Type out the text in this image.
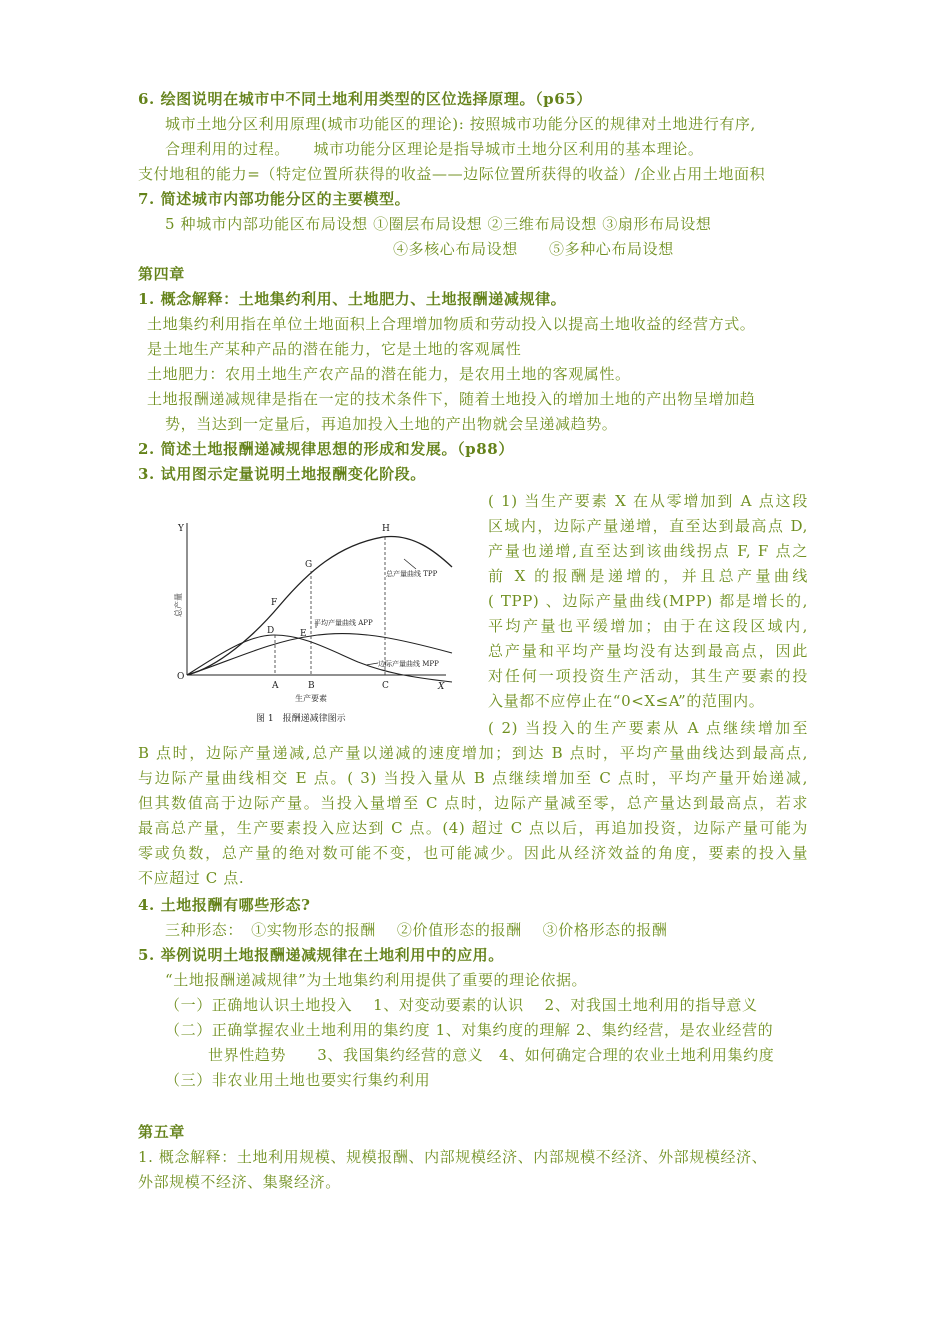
6. 绘图说明在城市中不同土地利用类型的区位选择原理。（p65）
城市土地分区利用原理(城市功能区的理论): 按照城市功能分区的规律对土地进行有序,
合理利用的过程。　　城市功能分区理论是指导城市土地分区利用的基本理论。
支付地租的能力=（特定位置所获得的收益——边际位置所获得的收益）/企业占用土地面积
7. 简述城市内部功能分区的主要模型。
5 种城市内部功能区布局设想 ①圈层布局设想 ②三维布局设想 ③扇形布局设想
④多核心布局设想　　⑤多种心布局设想
第四章
1. 概念解释：土地集约利用、土地肥力、土地报酬递减规律。
土地集约利用指在单位土地面积上合理增加物质和劳动投入以提高土地收益的经营方式。
是土地生产某种产品的潜在能力，它是土地的客观属性
土地肥力：农用土地生产农产品的潜在能力，是农用土地的客观属性。
土地报酬递减规律是指在一定的技术条件下，随着土地投入的增加土地的产出物呈增加趋
势，当达到一定量后，再追加投入土地的产出物就会呈递减趋势。
2. 简述土地报酬递减规律思想的形成和发展。（p88）
3. 试用图示定量说明土地报酬变化阶段。
( 1) 当生产要素 X 在从零增加到 A 点这段
区域内，边际产量递增，直至达到最高点 D,
产量也递增,直至达到该曲线拐点 F, F 点之
前 X 的报酬是递增的，并且总产量曲线
( TPP) 、边际产量曲线(MPP) 都是增长的,
平均产量也平缓增加；由于在这段区域内,
总产量和平均产量均没有达到最高点，因此
对任何一项投资生产活动，其生产要素的投
入量都不应停止在“0<X≤A”的范围内。
( 2) 当投入的生产要素从 A 点继续增加至
B 点时，边际产量递减,总产量以递减的速度增加；到达 B 点时，平均产量曲线达到最高点,
与边际产量曲线相交 E 点。( 3) 当投入量从 B 点继续增加至 C 点时，平均产量开始递减,
但其数值高于边际产量。当投入量增至 C 点时，边际产量减至零，总产量达到最高点，若求
最高总产量，生产要素投入应达到 C 点。(4) 超过 C 点以后，再追加投资，边际产量可能为
零或负数，总产量的绝对数可能不变，也可能减少。因此从经济效益的角度，要素的投入量
不应超过 C 点.
4. 土地报酬有哪些形态?
三种形态：　①实物形态的报酬　 ②价值形态的报酬　 ③价格形态的报酬
5. 举例说明土地报酬递减规律在土地利用中的应用。
“土地报酬递减规律”为土地集约利用提供了重要的理论依据。
（一）正确地认识土地投入　 1、对变动要素的认识　 2、对我国土地利用的指导意义
（二）正确掌握农业土地利用的集约度 1、对集约度的理解 2、集约经营，是农业经营的
世界性趋势　　3、我国集约经营的意义　4、如何确定合理的农业土地利用集约度
（三）非农业用土地也要实行集约利用
第五章
1. 概念解释：土地利用规模、规模报酬、内部规模经济、内部规模不经济、外部规模经济、
外部规模不经济、集聚经济。
Y
X
O
总产量
生产要素
H
G
F
D	E
A	B	C
总产量曲线 TPP
平均产量曲线 APP
边际产量曲线 MPP
图 1　报酬递减律图示
